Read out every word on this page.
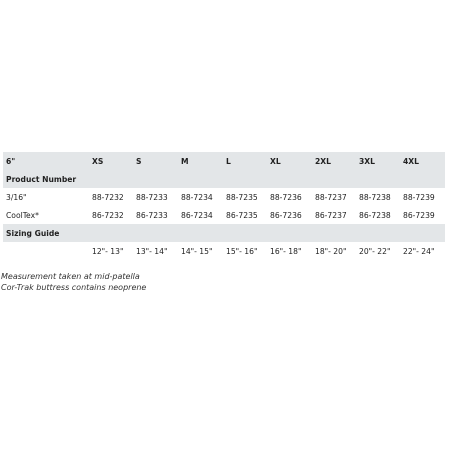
6"	XS	S	M	L	XL	2XL	3XL	4XL
Product Number								
3/16"	88-7232	88-7233	88-7234	88-7235	88-7236	88-7237	88-7238	88-7239
CoolTex*	86-7232	86-7233	86-7234	86-7235	86-7236	86-7237	86-7238	86-7239
Sizing Guide								
	12"- 13"	13"- 14"	14"- 15"	15"- 16"	16"- 18"	18"- 20"	20"- 22"	22"- 24"
Measurement taken at mid-patella
Cor-Trak buttress contains neoprene
